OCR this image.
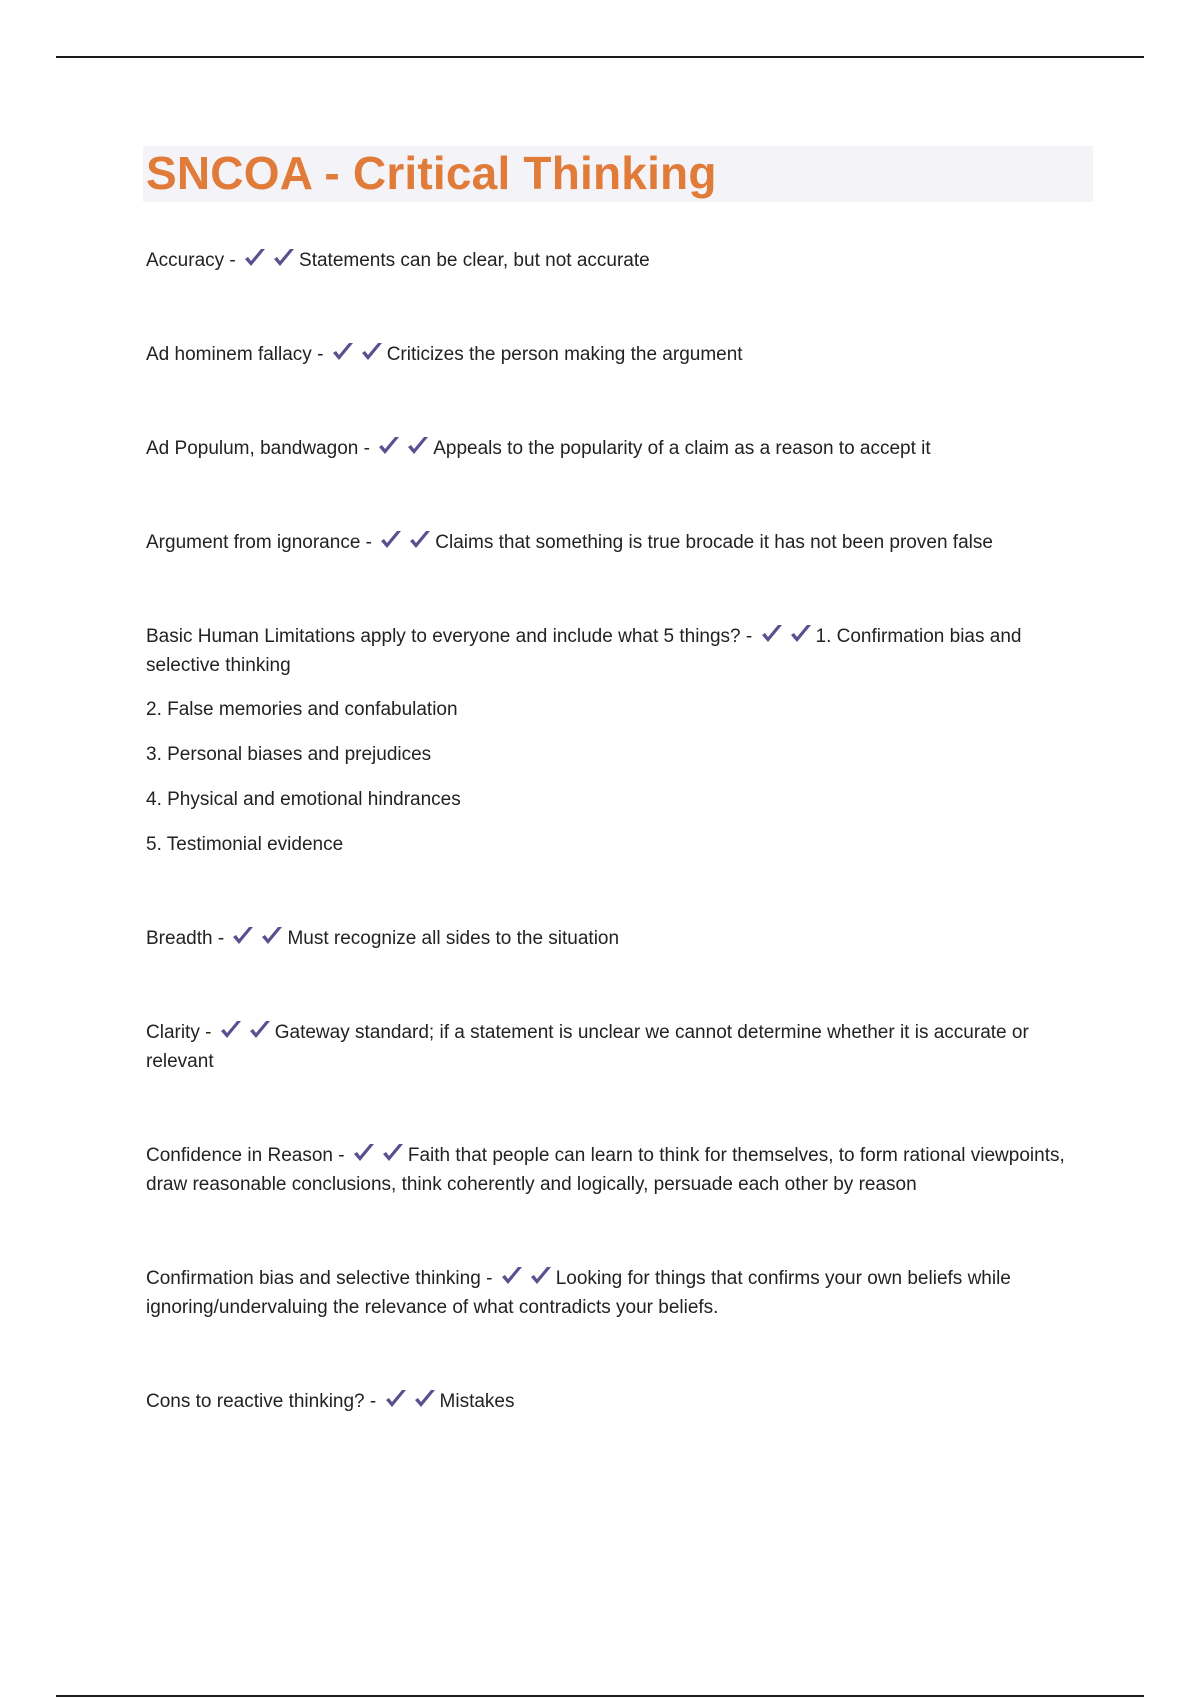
SNCOA - Critical Thinking

Accuracy -	Statements can be clear, but not accurate

Ad hominem fallacy -	Criticizes the person making the argument

Ad Populum, bandwagon -	Appeals to the popularity of a claim as a reason to accept it

Argument from ignorance -	Claims that something is true brocade it has not been proven false

Basic Human Limitations apply to everyone and include what 5 things? -	1. Confirmation bias and selective thinking

2. False memories and confabulation

3. Personal biases and prejudices

4. Physical and emotional hindrances

5. Testimonial evidence

Breadth -	Must recognize all sides to the situation

Clarity -	Gateway standard; if a statement is unclear we cannot determine whether it is accurate or relevant

Confidence in Reason -	Faith that people can learn to think for themselves, to form rational viewpoints, draw reasonable conclusions, think coherently and logically, persuade each other by reason

Confirmation bias and selective thinking -	Looking for things that confirms your own beliefs while ignoring/undervaluing the relevance of what contradicts your beliefs.

Cons to reactive thinking? -	Mistakes
